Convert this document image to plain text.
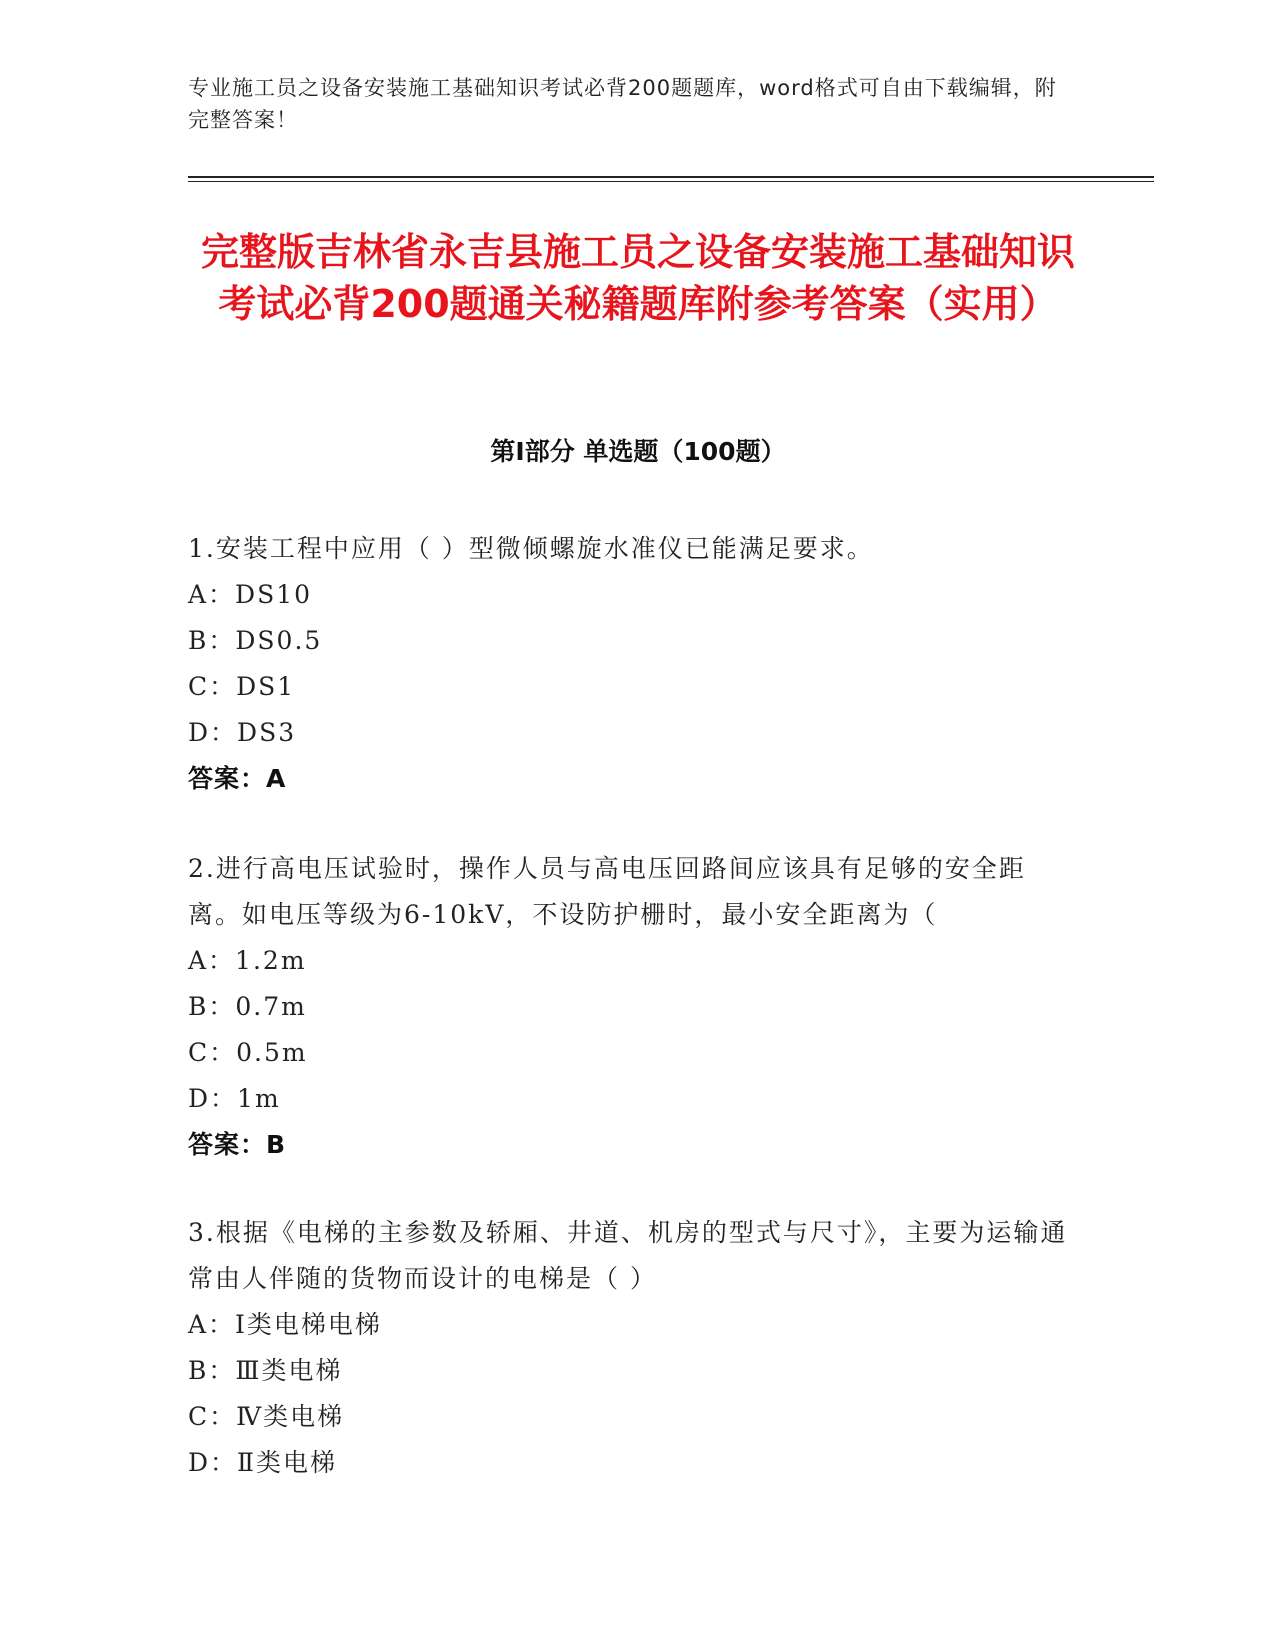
专业施工员之设备安装施工基础知识考试必背200题题库，word格式可自由下载编辑，附完整答案！
完整版吉林省永吉县施工员之设备安装施工基础知识考试必背200题通关秘籍题库附参考答案（实用）
第I部分 单选题（100题）

1.安装工程中应用（ ）型微倾螺旋水准仪已能满足要求。

A：DS10

B：DS0.5

C：DS1

D：DS3

答案：A

2.进行高电压试验时，操作人员与高电压回路间应该具有足够的安全距离。如电压等级为6-10kV，不设防护栅时，最小安全距离为（

A：1.2m

B：0.7m

C：0.5m

D：1m

答案：B

3.根据《电梯的主参数及轿厢、井道、机房的型式与尺寸》，主要为运输通常由人伴随的货物而设计的电梯是（ ）

A：Ⅰ类电梯电梯

B：Ⅲ类电梯

C：Ⅳ类电梯

D：Ⅱ类电梯
